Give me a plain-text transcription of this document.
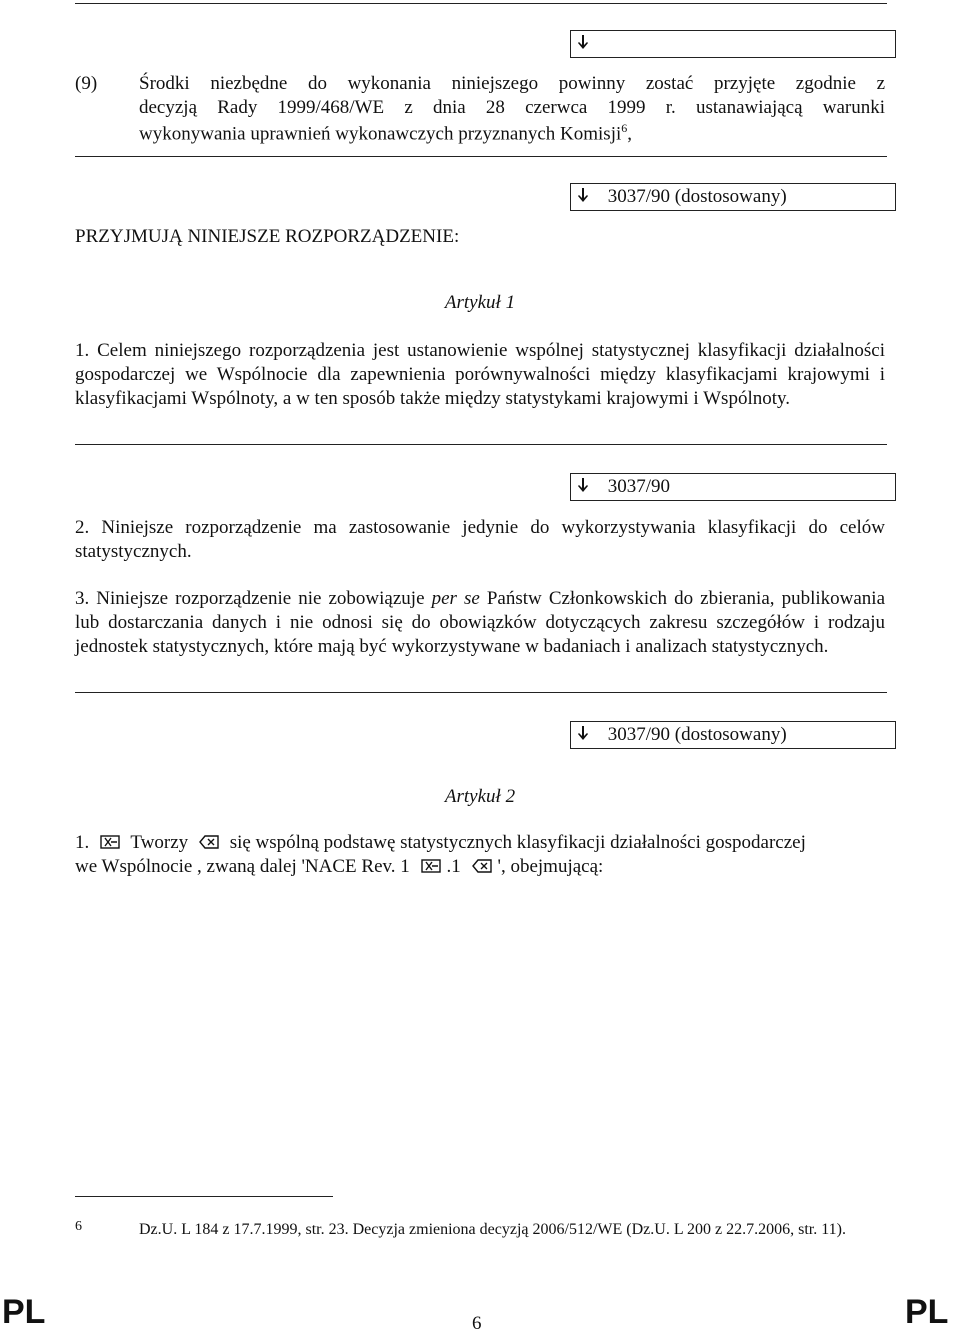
(9) Środki niezbędne do wykonania niniejszego powinny zostać przyjęte zgodnie z
decyzją Rady 1999/468/WE z dnia 28 czerwca 1999 r. ustanawiającą warunki
wykonywania uprawnień wykonawczych przyznanych Komisji$^6$,
3037/90 (dostosowany)
PRZYJMUJĄ NINIEJSZE ROZPORZĄDZENIE:
Artykuł 1
1. Celem niniejszego rozporządzenia jest ustanowienie wspólnej statystycznej klasyfikacji działalności gospodarczej we Wspólnocie dla zapewnienia porównywalności między klasyfikacjami krajowymi i klasyfikacjami Wspólnoty, a w ten sposób także między statystykami krajowymi i Wspólnoty.
3037/90
2. Niniejsze rozporządzenie ma zastosowanie jedynie do wykorzystywania klasyfikacji do celów statystycznych.
3. Niniejsze rozporządzenie nie zobowiązuje per se Państw Członkowskich do zbierania, publikowania lub dostarczania danych i nie odnosi się do obowiązków dotyczących zakresu szczegółów i rodzaju jednostek statystycznych, które mają być wykorzystywane w badaniach i analizach statystycznych.
3037/90 (dostosowany)
Artykuł 2
1. Tworzy się wspólną podstawę statystycznych klasyfikacji działalności gospodarczej
we Wspólnocie , zwaną dalej 'NACE Rev. 1 .1 ', obejmującą:
6	Dz.U. L 184 z 17.7.1999, str. 23. Decyzja zmieniona decyzją 2006/512/WE (Dz.U. L 200 z 22.7.2006, str. 11).
PL	6	PL
